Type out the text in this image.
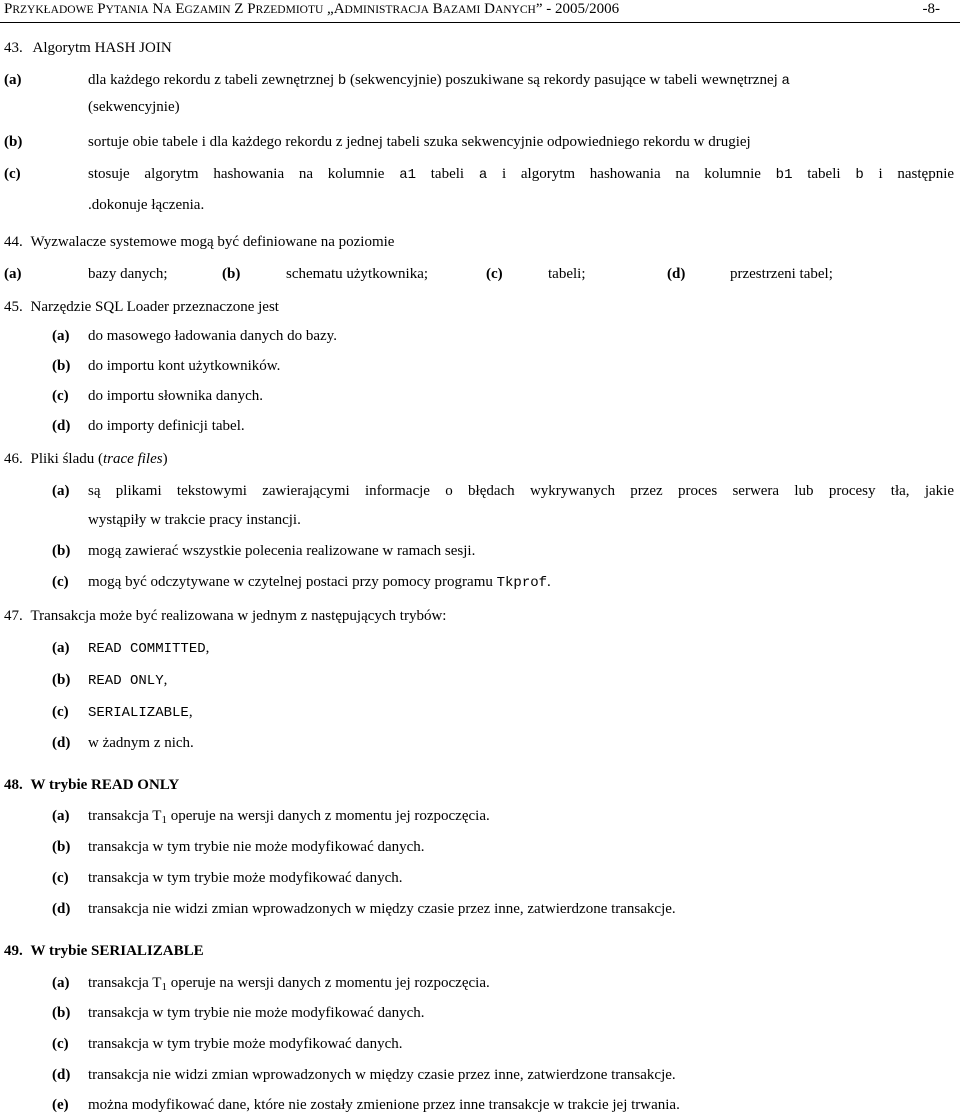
PRZYKŁADOWE PYTANIA NA EGZAMIN Z PRZEDMIOTU „ADMINISTRACJA BAZAMI DANYCH” - 2005/2006	-8-
43. Algorytm HASH JOIN
(a)	dla każdego rekordu z tabeli zewnętrznej b (sekwencyjnie) poszukiwane są rekordy pasujące w tabeli wewnętrznej a
(sekwencyjnie)
(b)	sortuje obie tabele i dla każdego rekordu z jednej tabeli szuka sekwencyjnie odpowiedniego rekordu w drugiej
(c)	stosuje algorytm hashowania na kolumnie a1 tabeli a i algorytm hashowania na kolumnie b1 tabeli b i następnie
.dokonuje łączenia.
44. Wyzwalacze systemowe mogą być definiowane na poziomie
(a)	bazy danych;	(b)	schematu użytkownika;	(c)	tabeli;	(d)	przestrzeni tabel;
45. Narzędzie SQL Loader przeznaczone jest
(a) do masowego ładowania danych do bazy.
(b) do importu kont użytkowników.
(c) do importu słownika danych.
(d) do importy definicji tabel.
46. Pliki śladu (trace files)
(a) są plikami tekstowymi zawierającymi informacje o błędach wykrywanych przez proces serwera lub procesy tła, jakie
wystąpiły w trakcie pracy instancji.
(b) mogą zawierać wszystkie polecenia realizowane w ramach sesji.
(c) mogą być odczytywane w czytelnej postaci przy pomocy programu Tkprof.
47. Transakcja może być realizowana w jednym z następujących trybów:
(a) READ COMMITTED,
(b) READ ONLY,
(c) SERIALIZABLE,
(d) w żadnym z nich.
48. W trybie READ ONLY
(a) transakcja $T_1$ operuje na wersji danych z momentu jej rozpoczęcia.
(b) transakcja w tym trybie nie może modyfikować danych.
(c) transakcja w tym trybie może modyfikować danych.
(d) transakcja nie widzi zmian wprowadzonych w między czasie przez inne, zatwierdzone transakcje.
49. W trybie SERIALIZABLE
(a) transakcja $T_1$ operuje na wersji danych z momentu jej rozpoczęcia.
(b) transakcja w tym trybie nie może modyfikować danych.
(c) transakcja w tym trybie może modyfikować danych.
(d) transakcja nie widzi zmian wprowadzonych w między czasie przez inne, zatwierdzone transakcje.
(e) można modyfikować dane, które nie zostały zmienione przez inne transakcje w trakcie jej trwania.
